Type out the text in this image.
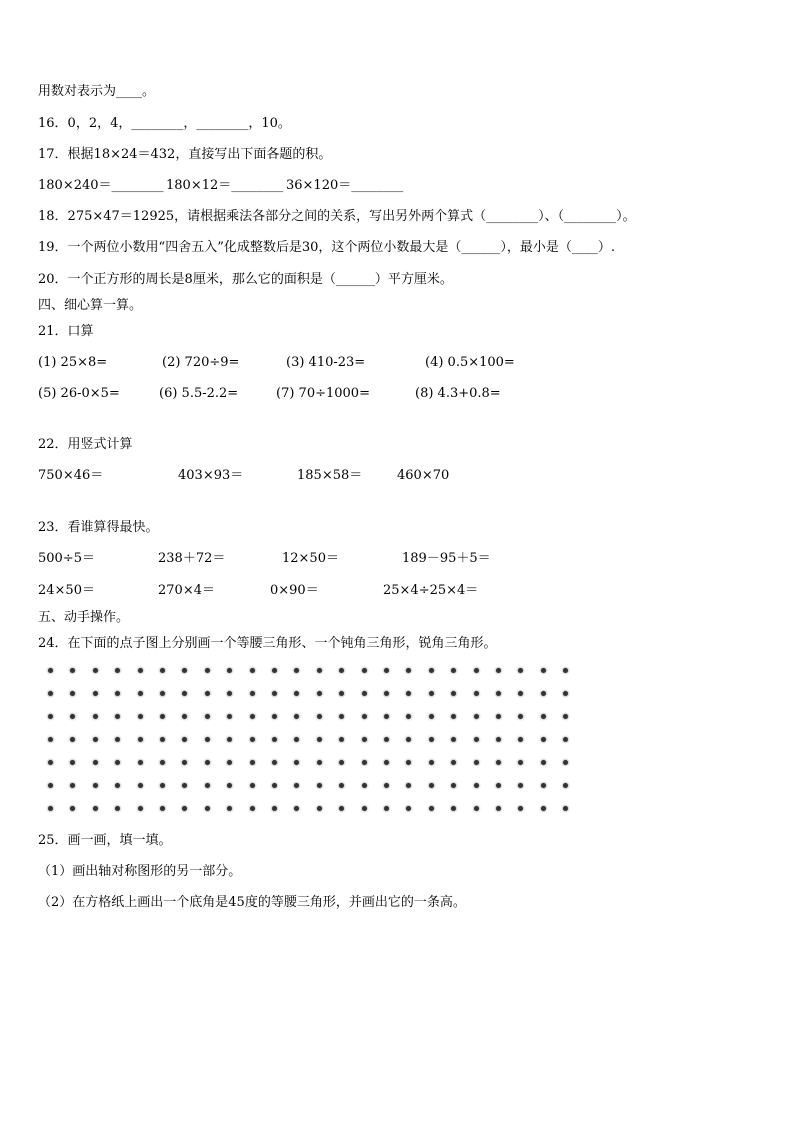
用数对表示为____。
16．0，2，4，________，________，10。
17．根据18×24＝432，直接写出下面各题的积。
180×240＝________ 180×12＝________ 36×120＝________
18．275×47＝12925，请根据乘法各部分之间的关系，写出另外两个算式（________）、（________）。
19．一个两位小数用“四舍五入”化成整数后是30，这个两位小数最大是（______），最小是（____）.
20．一个正方形的周长是8厘米，那么它的面积是（______）平方厘米。
四、细心算一算。
21．口算
(1) 25×8=	(2) 720÷9=	(3) 410-23=	(4) 0.5×100=
(5) 26-0×5=	(6) 5.5-2.2=	(7) 70÷1000=	(8) 4.3+0.8=
22．用竖式计算
750×46＝	403×93＝	185×58＝	460×70
23．看谁算得最快。
500÷5＝	238＋72＝	12×50＝	189－95＋5＝
24×50＝	270×4＝	0×90＝	25×4÷25×4＝
五、动手操作。
24．在下面的点子图上分别画一个等腰三角形、一个钝角三角形，锐角三角形。
25．画一画，填一填。
（1）画出轴对称图形的另一部分。
（2）在方格纸上画出一个底角是45度的等腰三角形，并画出它的一条高。
